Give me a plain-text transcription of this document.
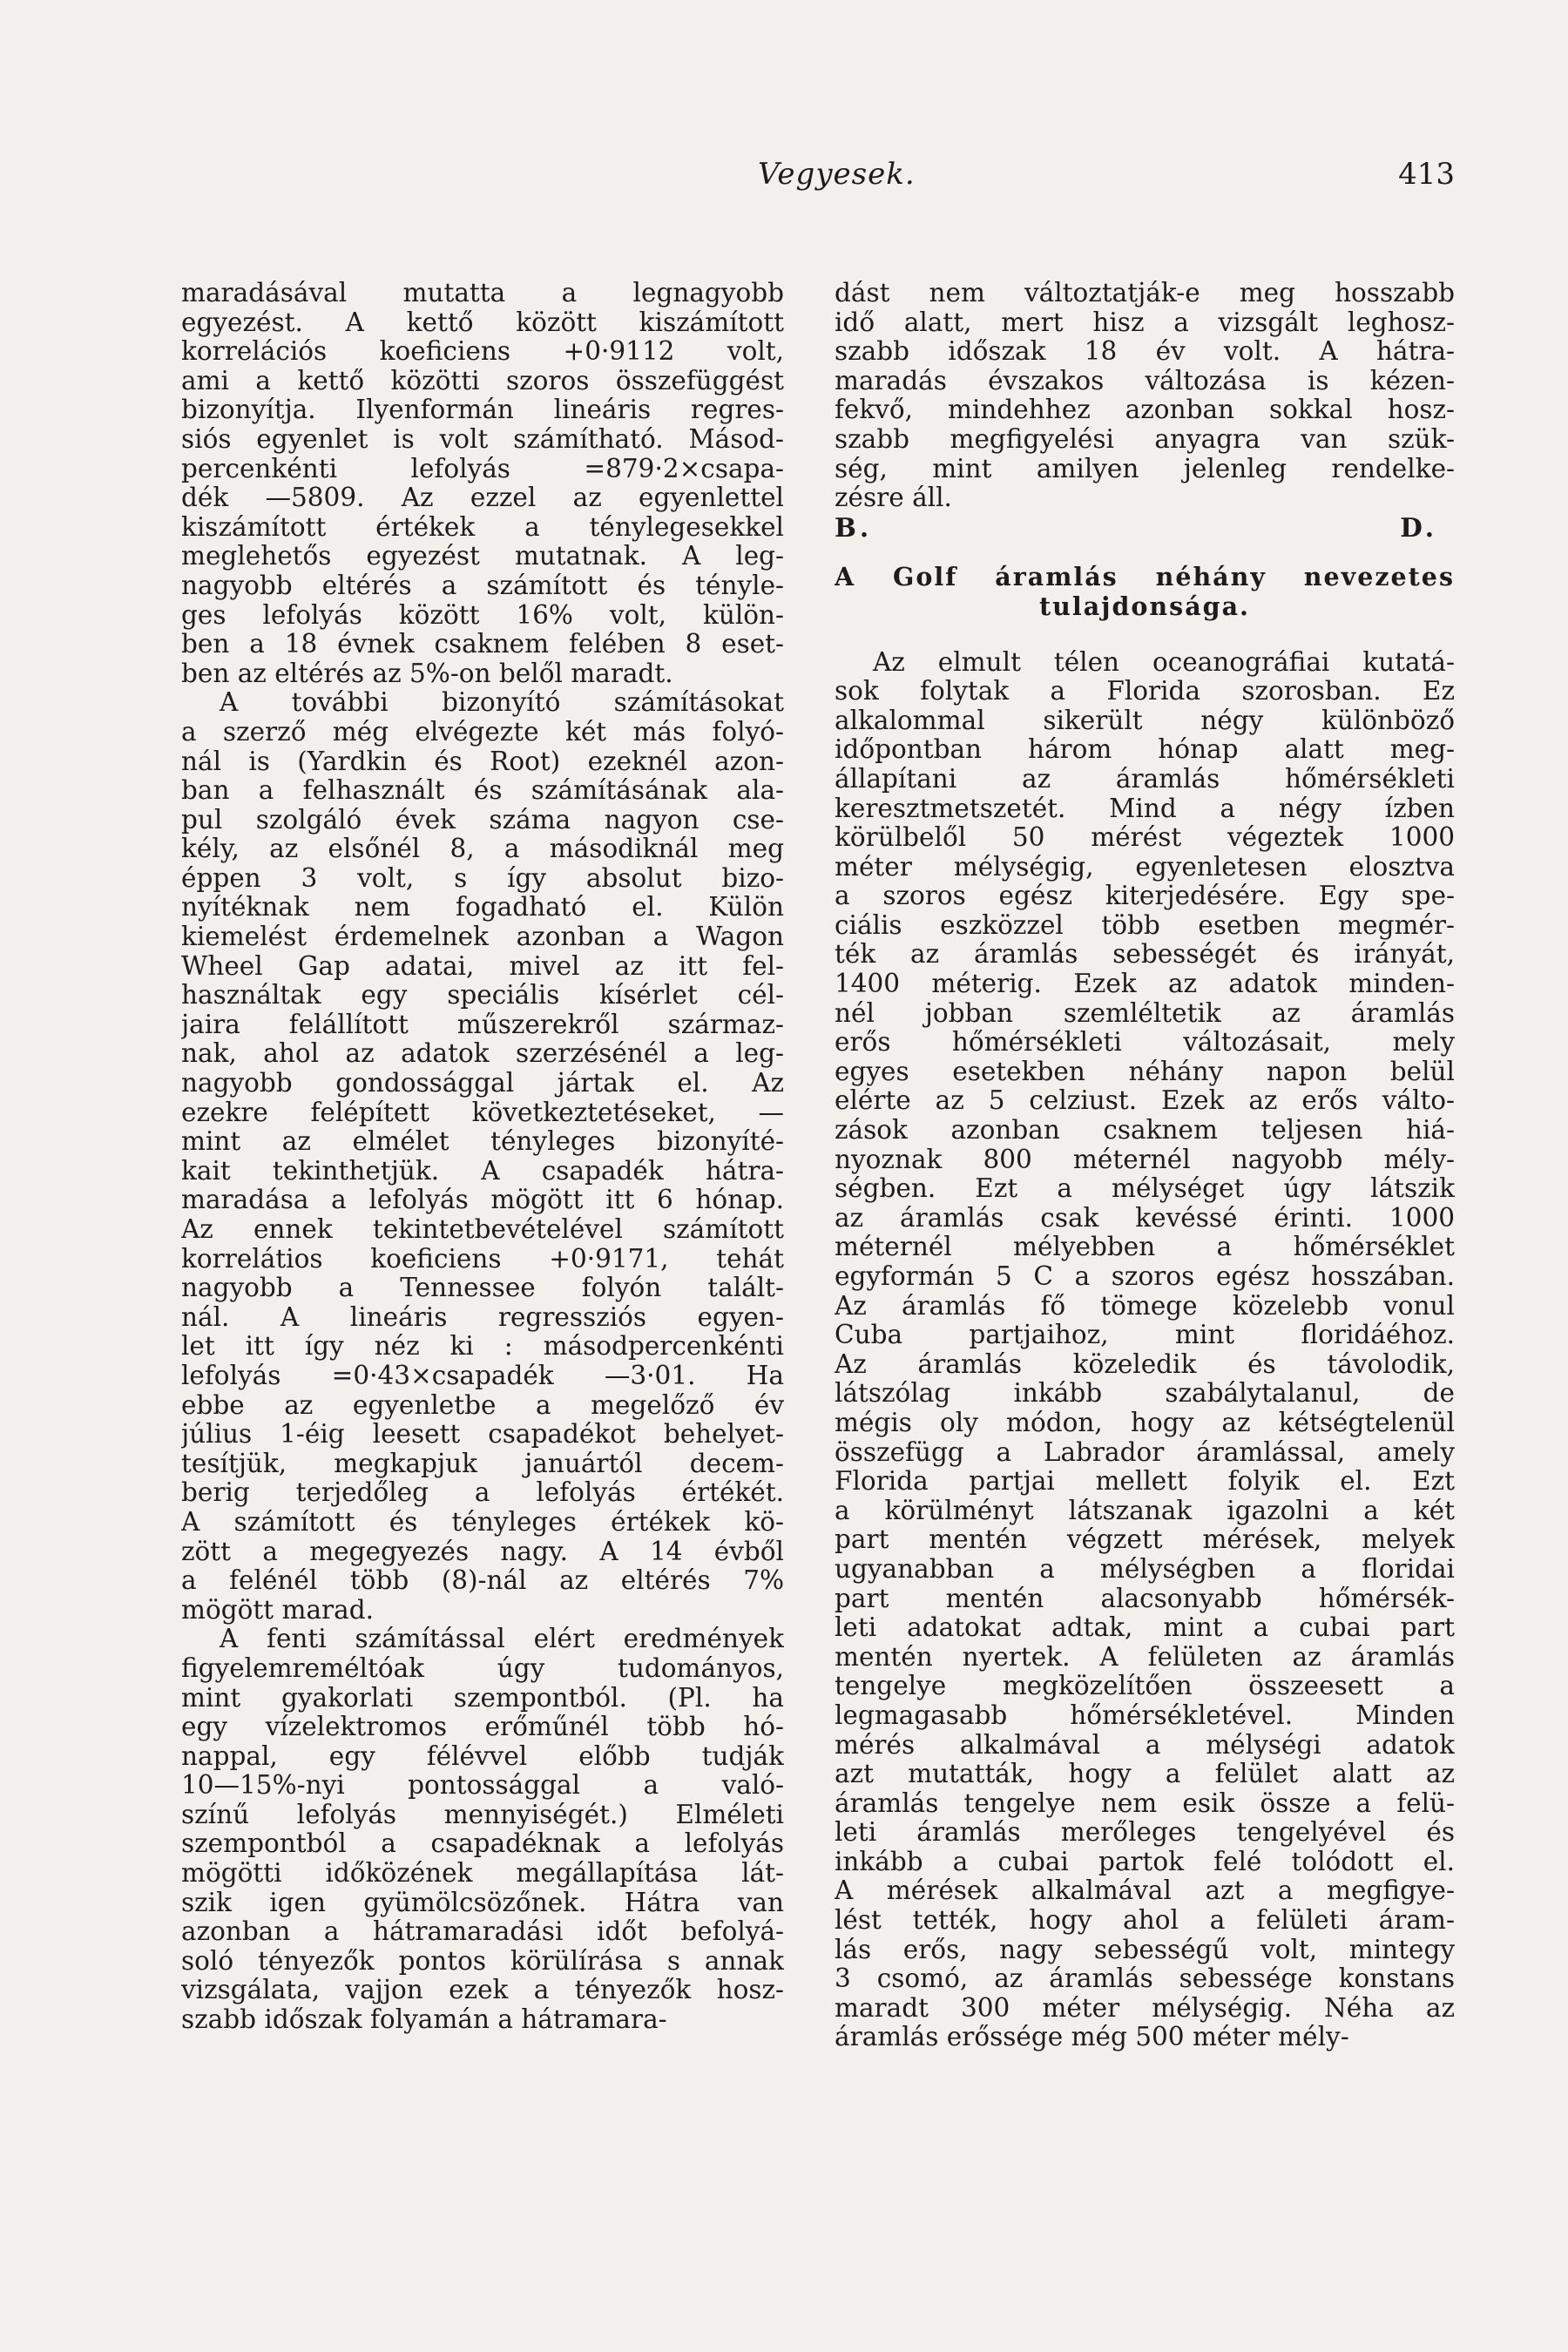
Vegyesek.	413
maradásával mutatta a legnagyobb
egyezést. A kettő között kiszámított
korrelációs koeficiens +0·9112 volt,
ami a kettő közötti szoros összefüggést
bizonyítja. Ilyenformán lineáris regres-
siós egyenlet is volt számítható. Másod-
percenkénti lefolyás =879·2×csapa-
dék —5809. Az ezzel az egyenlettel
kiszámított értékek a ténylegesekkel
meglehetős egyezést mutatnak. A leg-
nagyobb eltérés a számított és tényle-
ges lefolyás között 16% volt, külön-
ben a 18 évnek csaknem felében 8 eset-
ben az eltérés az 5%-on belől maradt.
A további bizonyító számításokat
a szerző még elvégezte két más folyó-
nál is (Yardkin és Root) ezeknél azon-
ban a felhasznált és számításának ala-
pul szolgáló évek száma nagyon cse-
kély, az elsőnél 8, a másodiknál meg
éppen 3 volt, s így absolut bizo-
nyítéknak nem fogadható el. Külön
kiemelést érdemelnek azonban a Wagon
Wheel Gap adatai, mivel az itt fel-
használtak egy speciális kísérlet cél-
jaira felállított műszerekről származ-
nak, ahol az adatok szerzésénél a leg-
nagyobb gondossággal jártak el. Az
ezekre felépített következtetéseket, —
mint az elmélet tényleges bizonyíté-
kait tekinthetjük. A csapadék hátra-
maradása a lefolyás mögött itt 6 hónap.
Az ennek tekintetbevételével számított
korrelátios koeficiens +0·9171, tehát
nagyobb a Tennessee folyón talált-
nál. A lineáris regressziós egyen-
let itt így néz ki : másodpercenkénti
lefolyás =0·43×csapadék —3·01. Ha
ebbe az egyenletbe a megelőző év
július 1-éig leesett csapadékot behelyet-
tesítjük, megkapjuk januártól decem-
berig terjedőleg a lefolyás értékét.
A számított és tényleges értékek kö-
zött a megegyezés nagy. A 14 évből
a felénél több (8)-nál az eltérés 7%
mögött marad.
A fenti számítással elért eredmények
figyelemreméltóak úgy tudományos,
mint gyakorlati szempontból. (Pl. ha
egy vízelektromos erőműnél több hó-
nappal, egy félévvel előbb tudják
10—15%-nyi pontossággal a való-
színű lefolyás mennyiségét.) Elméleti
szempontból a csapadéknak a lefolyás
mögötti időközének megállapítása lát-
szik igen gyümölcsözőnek. Hátra van
azonban a hátramaradási időt befolyá-
soló tényezők pontos körülírása s annak
vizsgálata, vajjon ezek a tényezők hosz-
szabb időszak folyamán a hátramara-
dást nem változtatják-e meg hosszabb
idő alatt, mert hisz a vizsgált leghosz-
szabb időszak 18 év volt. A hátra-
maradás évszakos változása is kézen-
fekvő, mindehhez azonban sokkal hosz-
szabb megfigyelési anyagra van szük-
ség, mint amilyen jelenleg rendelke-
zésre áll.
B. D.
A Golf áramlás néhány nevezetes
tulajdonsága.
Az elmult télen oceanográfiai kutatá-
sok folytak a Florida szorosban. Ez
alkalommal sikerült négy különböző
időpontban három hónap alatt meg-
állapítani az áramlás hőmérsékleti
keresztmetszetét. Mind a négy ízben
körülbelől 50 mérést végeztek 1000
méter mélységig, egyenletesen elosztva
a szoros egész kiterjedésére. Egy spe-
ciális eszközzel több esetben megmér-
ték az áramlás sebességét és irányát,
1400 méterig. Ezek az adatok minden-
nél jobban szemléltetik az áramlás
erős hőmérsékleti változásait, mely
egyes esetekben néhány napon belül
elérte az 5 celziust. Ezek az erős válto-
zások azonban csaknem teljesen hiá-
nyoznak 800 méternél nagyobb mély-
ségben. Ezt a mélységet úgy látszik
az áramlás csak kevéssé érinti. 1000
méternél mélyebben a hőmérséklet
egyformán 5 C a szoros egész hosszában.
Az áramlás fő tömege közelebb vonul
Cuba partjaihoz, mint floridáéhoz.
Az áramlás közeledik és távolodik,
látszólag inkább szabálytalanul, de
mégis oly módon, hogy az kétségtelenül
összefügg a Labrador áramlással, amely
Florida partjai mellett folyik el. Ezt
a körülményt látszanak igazolni a két
part mentén végzett mérések, melyek
ugyanabban a mélységben a floridai
part mentén alacsonyabb hőmérsék-
leti adatokat adtak, mint a cubai part
mentén nyertek. A felületen az áramlás
tengelye megközelítően összeesett a
legmagasabb hőmérsékletével. Minden
mérés alkalmával a mélységi adatok
azt mutatták, hogy a felület alatt az
áramlás tengelye nem esik össze a felü-
leti áramlás merőleges tengelyével és
inkább a cubai partok felé tolódott el.
A mérések alkalmával azt a megfigye-
lést tették, hogy ahol a felületi áram-
lás erős, nagy sebességű volt, mintegy
3 csomó, az áramlás sebessége konstans
maradt 300 méter mélységig. Néha az
áramlás erőssége még 500 méter mély-
